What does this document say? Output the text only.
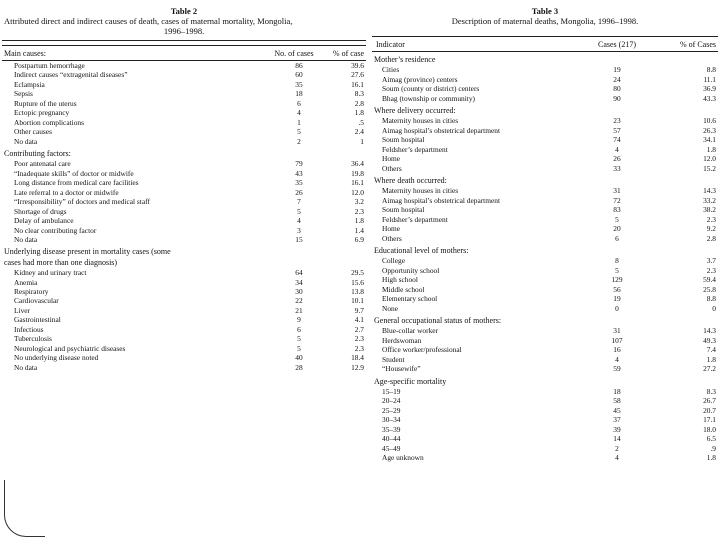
Table 2
Attributed direct and indirect causes of death, cases of maternal mortality, Mongolia,
1996–1998.
Main causes:	No. of cases	% of case
Postpartum hemorrhage	86	39.6
Indirect causes “extragenital diseases”	60	27.6
Eclampsia	35	16.1
Sepsis	18	8.3
Rupture of the uterus	6	2.8
Ectopic pregnancy	4	1.8
Abortion complications	1	.5
Other causes	5	2.4
No data	2	1
Contributing factors:
Poor antenatal care	79	36.4
“Inadequate skills” of doctor or midwife	43	19.8
Long distance from medical care facilities	35	16.1
Late referral to a doctor or midwife	26	12.0
“Irresponsibility” of doctors and medical staff	7	3.2
Shortage of drugs	5	2.3
Delay of ambulance	4	1.8
No clear contributing factor	3	1.4
No data	15	6.9
Underlying disease present in mortality cases (some
cases had more than one diagnosis)
Kidney and urinary tract	64	29.5
Anemia	34	15.6
Respiratory	30	13.8
Cardiovascular	22	10.1
Liver	21	9.7
Gastrointestinal	9	4.1
Infectious	6	2.7
Tuberculosis	5	2.3
Neurological and psychiatric diseases	5	2.3
No underlying disease noted	40	18.4
No data	28	12.9
Table 3
Description of maternal deaths, Mongolia, 1996–1998.
Indicator	Cases (217)	% of Cases
Mother’s residence
Cities	19	8.8
Aimag (province) centers	24	11.1
Soum (county or district) centers	80	36.9
Bhag (township or community)	90	43.3
Where delivery occurred:
Maternity houses in cities	23	10.6
Aimag hospital’s obstetrical department	57	26.3
Soum hospital	74	34.1
Feldsher’s department	4	1.8
Home	26	12.0
Others	33	15.2
Where death occurred:
Maternity houses in cities	31	14.3
Aimag hospital’s obstetrical department	72	33.2
Soum hospital	83	38.2
Feldsher’s department	5	2.3
Home	20	9.2
Others	6	2.8
Educational level of mothers:
College	8	3.7
Opportunity school	5	2.3
High school	129	59.4
Middle school	56	25.8
Elementary school	19	8.8
None	0	0
General occupational status of mothers:
Blue-collar worker	31	14.3
Herdswoman	107	49.3
Office worker/professional	16	7.4
Student	4	1.8
“Housewife”	59	27.2
Age-specific mortality
15–19	18	8.3
20–24	58	26.7
25–29	45	20.7
30–34	37	17.1
35–39	39	18.0
40–44	14	6.5
45–49	2	.9
Age unknown	4	1.8
